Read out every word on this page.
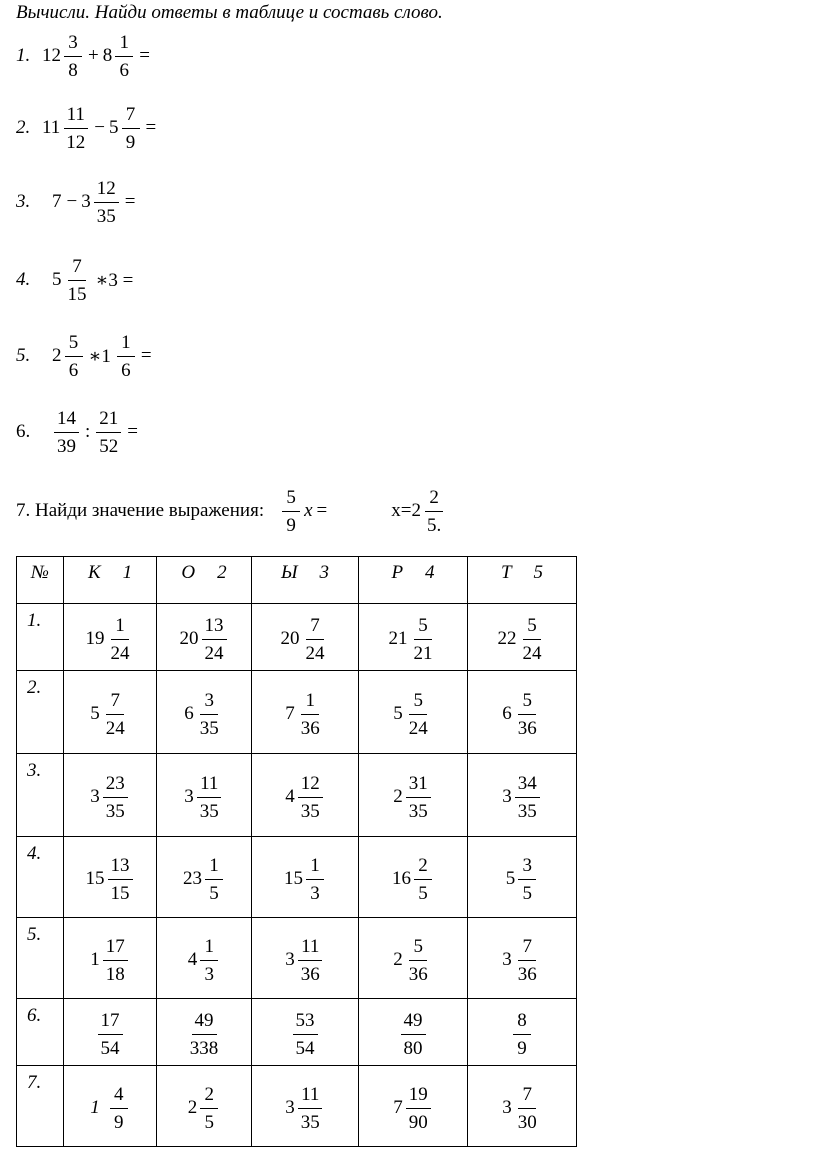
Вычисли. Найди ответы в таблице и составь слово.
1. $12 \frac{3}{8} + 8 \frac{1}{6}$ =
2. $11 \frac{11}{12} - 5 \frac{7}{9}$ =
3.	$7 - 3 \frac{12}{35}$ =
4.	$5 \frac{7}{15}$ ∗3 =
5.	$2 \frac{5}{6}$ ∗1 $\frac{1}{6}$ =
6.	$\frac{14}{39}$ : $\frac{21}{52}$ =
7. Найди значение выражения: $\frac{5}{9}$ x =	$x= 2 \frac{2}{5.}$
№	К 1	О 2	Ы 3	Р 4	Т 5

1.	$19 \frac{1}{24}$	$20 \frac{13}{24}$	$20 \frac{7}{24}$	$21 \frac{5}{21}$	$22 \frac{5}{24}$

2.	$5 \frac{7}{24}$	$6 \frac{3}{35}$	$7 \frac{1}{36}$	$5 \frac{5}{24}$	$6 \frac{5}{36}$

3.	$3 \frac{23}{35}$	$3 \frac{11}{35}$	$4 \frac{12}{35}$	$2 \frac{31}{35}$	$3 \frac{34}{35}$

4.	$15 \frac{13}{15}$	$23 \frac{1}{5}$	$15 \frac{1}{3}$	$16 \frac{2}{5}$	$5 \frac{3}{5}$

5.	$1 \frac{17}{18}$	$4 \frac{1}{3}$	$3 \frac{11}{36}$	$2 \frac{5}{36}$	$3 \frac{7}{36}$

6.	$\frac{17}{54}$	$\frac{49}{338}$	$\frac{53}{54}$	$\frac{49}{80}$	$\frac{8}{9}$

7.	$1 \frac{4}{9}$	$2 \frac{2}{5}$	$3 \frac{11}{35}$	$7 \frac{19}{90}$	$3 \frac{7}{30}$
